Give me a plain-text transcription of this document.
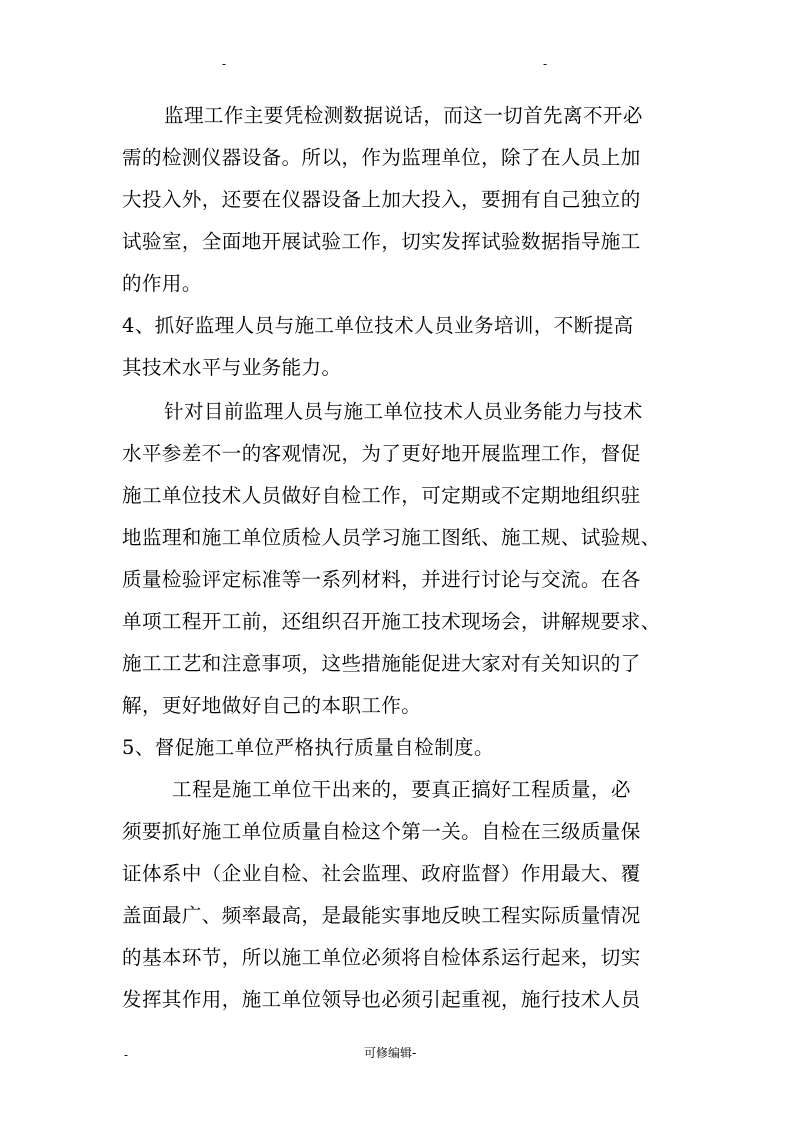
-	-
监理工作主要凭检测数据说话，而这一切首先离不开必
需的检测仪器设备。所以，作为监理单位，除了在人员上加
大投入外，还要在仪器设备上加大投入，要拥有自己独立的
试验室，全面地开展试验工作，切实发挥试验数据指导施工
的作用。
4、抓好监理人员与施工单位技术人员业务培训，不断提高
其技术水平与业务能力。
针对目前监理人员与施工单位技术人员业务能力与技术
水平参差不一的客观情况，为了更好地开展监理工作，督促
施工单位技术人员做好自检工作，可定期或不定期地组织驻
地监理和施工单位质检人员学习施工图纸、施工规、试验规、
质量检验评定标准等一系列材料，并进行讨论与交流。在各
单项工程开工前，还组织召开施工技术现场会，讲解规要求、
施工工艺和注意事项，这些措施能促进大家对有关知识的了
解，更好地做好自己的本职工作。
5、督促施工单位严格执行质量自检制度。
工程是施工单位干出来的，要真正搞好工程质量，必
须要抓好施工单位质量自检这个第一关。自检在三级质量保
证体系中（企业自检、社会监理、政府监督）作用最大、覆
盖面最广、频率最高，是最能实事地反映工程实际质量情况
的基本环节，所以施工单位必须将自检体系运行起来，切实
发挥其作用，施工单位领导也必须引起重视，施行技术人员
-	可修编辑-
